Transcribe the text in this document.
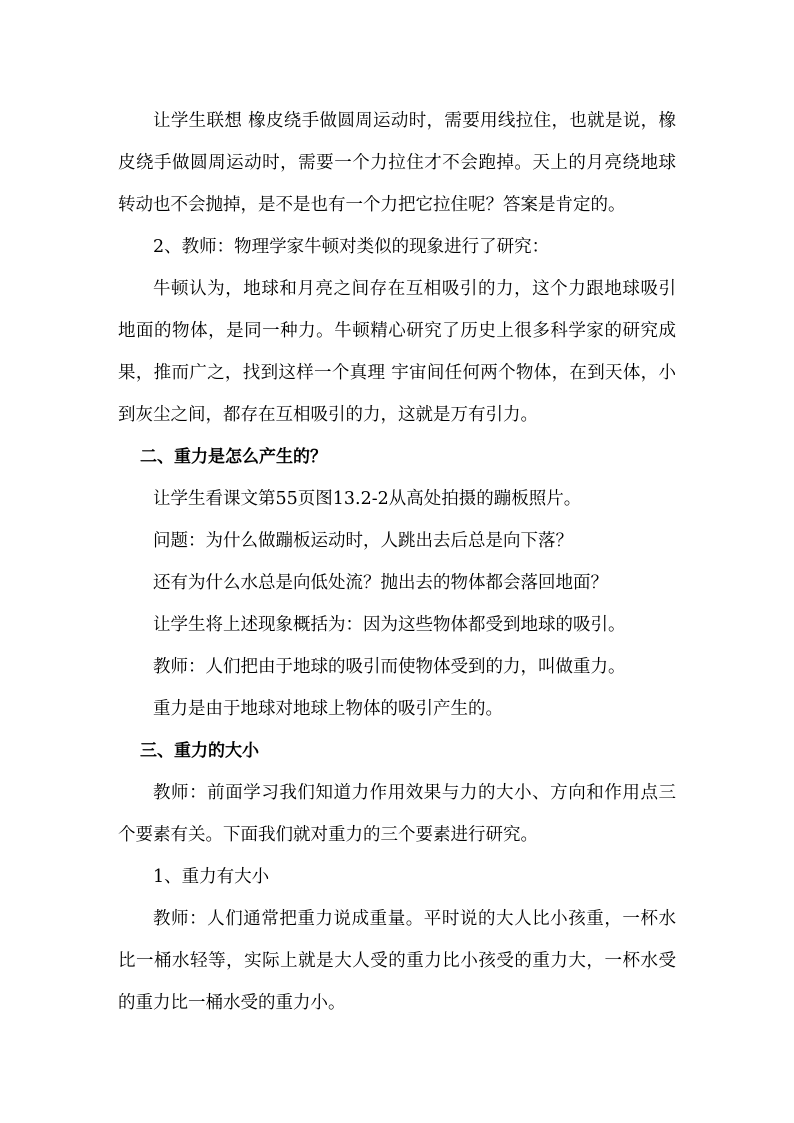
让学生联想 橡皮绕手做圆周运动时，需要用线拉住，也就是说，橡皮绕手做圆周运动时，需要一个力拉住才不会跑掉。天上的月亮绕地球转动也不会抛掉，是不是也有一个力把它拉住呢？答案是肯定的。

2、教师：物理学家牛顿对类似的现象进行了研究：

牛顿认为，地球和月亮之间存在互相吸引的力，这个力跟地球吸引地面的物体，是同一种力。牛顿精心研究了历史上很多科学家的研究成果，推而广之，找到这样一个真理 宇宙间任何两个物体，在到天体，小到灰尘之间，都存在互相吸引的力，这就是万有引力。

二、重力是怎么产生的？

让学生看课文第55页图13.2-2从高处拍摄的蹦板照片。

问题：为什么做蹦板运动时，人跳出去后总是向下落？

还有为什么水总是向低处流？抛出去的物体都会落回地面？

让学生将上述现象概括为：因为这些物体都受到地球的吸引。

教师：人们把由于地球的吸引而使物体受到的力，叫做重力。

重力是由于地球对地球上物体的吸引产生的。

三、重力的大小

教师：前面学习我们知道力作用效果与力的大小、方向和作用点三个要素有关。下面我们就对重力的三个要素进行研究。

1、重力有大小

教师：人们通常把重力说成重量。平时说的大人比小孩重，一杯水比一桶水轻等，实际上就是大人受的重力比小孩受的重力大，一杯水受的重力比一桶水受的重力小。
